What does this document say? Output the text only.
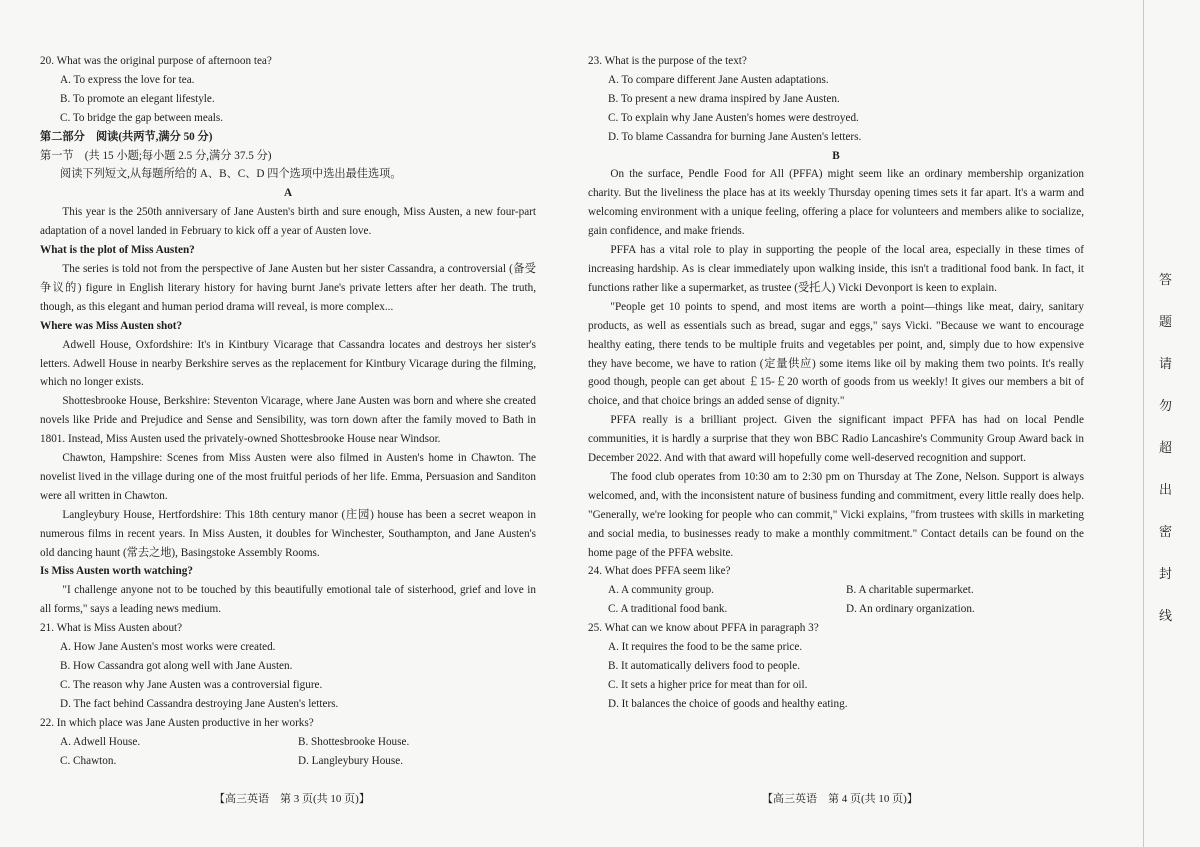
20. What was the original purpose of afternoon tea?
A. To express the love for tea.
B. To promote an elegant lifestyle.
C. To bridge the gap between meals.
第二部分　阅读(共两节,满分 50 分)
第一节　(共 15 小题;每小题 2.5 分,满分 37.5 分)
阅读下列短文,从每题所给的 A、B、C、D 四个选项中选出最佳选项。
A
This year is the 250th anniversary of Jane Austen's birth and sure enough, Miss Austen, a new four-part adaptation of a novel landed in February to kick off a year of Austen love.
What is the plot of Miss Austen?
The series is told not from the perspective of Jane Austen but her sister Cassandra, a controversial (备受争议的) figure in English literary history for having burnt Jane's private letters after her death. The truth, though, as this elegant and human period drama will reveal, is more complex...
Where was Miss Austen shot?
Adwell House, Oxfordshire: It's in Kintbury Vicarage that Cassandra locates and destroys her sister's letters. Adwell House in nearby Berkshire serves as the replacement for Kintbury Vicarage during the filming, which no longer exists.
Shottesbrooke House, Berkshire: Steventon Vicarage, where Jane Austen was born and where she created novels like Pride and Prejudice and Sense and Sensibility, was torn down after the family moved to Bath in 1801. Instead, Miss Austen used the privately-owned Shottesbrooke House near Windsor.
Chawton, Hampshire: Scenes from Miss Austen were also filmed in Austen's home in Chawton. The novelist lived in the village during one of the most fruitful periods of her life. Emma, Persuasion and Sanditon were all written in Chawton.
Langleybury House, Hertfordshire: This 18th century manor (庄园) house has been a secret weapon in numerous films in recent years. In Miss Austen, it doubles for Winchester, Southampton, and Jane Austen's old dancing haunt (常去之地), Basingstoke Assembly Rooms.
Is Miss Austen worth watching?
"I challenge anyone not to be touched by this beautifully emotional tale of sisterhood, grief and love in all forms," says a leading news medium.
21. What is Miss Austen about?
A. How Jane Austen's most works were created.
B. How Cassandra got along well with Jane Austen.
C. The reason why Jane Austen was a controversial figure.
D. The fact behind Cassandra destroying Jane Austen's letters.
22. In which place was Jane Austen productive in her works?
A. Adwell House.	B. Shottesbrooke House.
C. Chawton.	D. Langleybury House.
23. What is the purpose of the text?
A. To compare different Jane Austen adaptations.
B. To present a new drama inspired by Jane Austen.
C. To explain why Jane Austen's homes were destroyed.
D. To blame Cassandra for burning Jane Austen's letters.
B
On the surface, Pendle Food for All (PFFA) might seem like an ordinary membership organization charity. But the liveliness the place has at its weekly Thursday opening times sets it far apart. It's a warm and welcoming environment with a unique feeling, offering a place for volunteers and members alike to socialize, gain confidence, and make friends.
PFFA has a vital role to play in supporting the people of the local area, especially in these times of increasing hardship. As is clear immediately upon walking inside, this isn't a traditional food bank. In fact, it functions rather like a supermarket, as trustee (受托人) Vicki Devonport is keen to explain.
"People get 10 points to spend, and most items are worth a point—things like meat, dairy, sanitary products, as well as essentials such as bread, sugar and eggs," says Vicki. "Because we want to encourage healthy eating, there tends to be multiple fruits and vegetables per point, and, simply due to how expensive they have become, we have to ration (定量供应) some items like oil by making them two points. It's really good though, people can get about ￡15-￡20 worth of goods from us weekly! It gives our members a bit of choice, and that choice brings an added sense of dignity."
PFFA really is a brilliant project. Given the significant impact PFFA has had on local Pendle communities, it is hardly a surprise that they won BBC Radio Lancashire's Community Group Award back in December 2022. And with that award will hopefully come well-deserved recognition and support.
The food club operates from 10:30 am to 2:30 pm on Thursday at The Zone, Nelson. Support is always welcomed, and, with the inconsistent nature of business funding and commitment, every little really does help. "Generally, we're looking for people who can commit," Vicki explains, "from trustees with skills in marketing and social media, to businesses ready to make a monthly commitment." Contact details can be found on the home page of the PFFA website.
24. What does PFFA seem like?
A. A community group.	B. A charitable supermarket.
C. A traditional food bank.	D. An ordinary organization.
25. What can we know about PFFA in paragraph 3?
A. It requires the food to be the same price.
B. It automatically delivers food to people.
C. It sets a higher price for meat than for oil.
D. It balances the choice of goods and healthy eating.
【高三英语　第 3 页(共 10 页)】	【高三英语　第 4 页(共 10 页)】
答
题
请
勿
超
出
密
封
线
